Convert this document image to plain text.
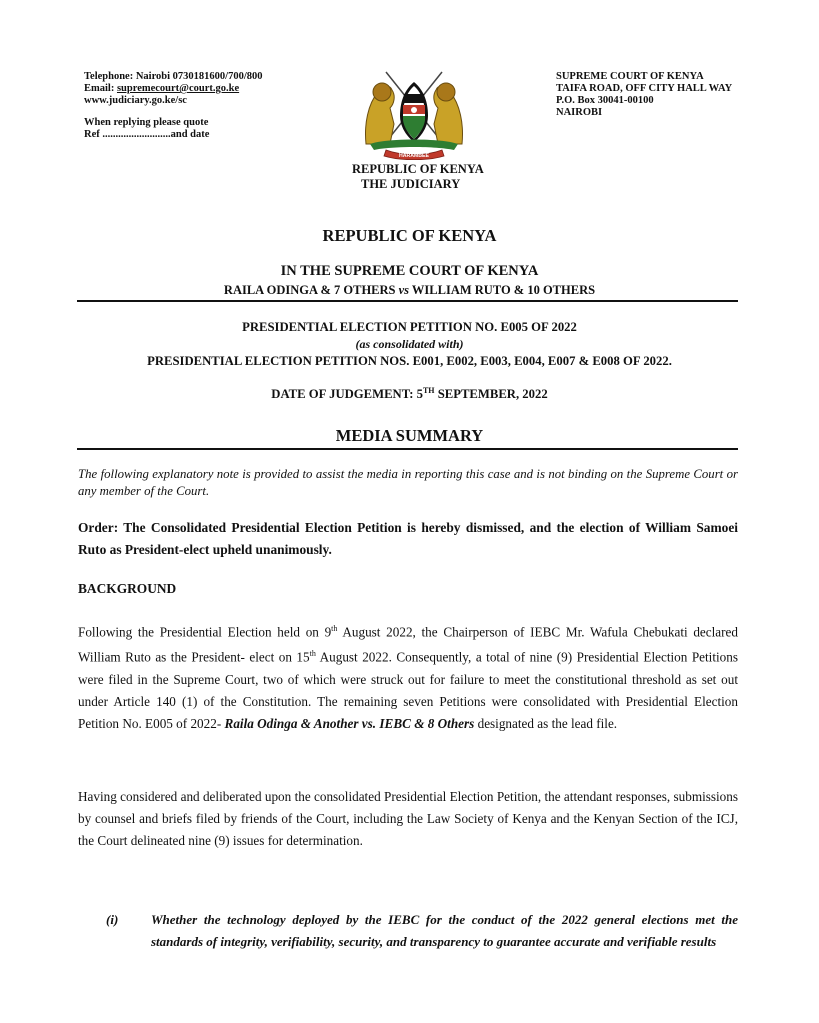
Telephone: Nairobi 0730181600/700/800
Email: supremecourt@court.go.ke
www.judiciary.go.ke/sc
When replying please quote
Ref ..........................and date
HARAMBEE
SUPREME COURT OF KENYA
TAIFA ROAD, OFF CITY HALL WAY
P.O. Box 30041-00100
NAIROBI
REPUBLIC OF KENYA
THE JUDICIARY
REPUBLIC OF KENYA
IN THE SUPREME COURT OF KENYA
RAILA ODINGA & 7 OTHERS vs WILLIAM RUTO & 10 OTHERS
PRESIDENTIAL ELECTION PETITION NO. E005 OF 2022
(as consolidated with)
PRESIDENTIAL ELECTION PETITION NOS. E001, E002, E003, E004, E007 & E008 OF 2022.
DATE OF JUDGEMENT: 5TH SEPTEMBER, 2022
MEDIA SUMMARY
The following explanatory note is provided to assist the media in reporting this case and is not binding on the Supreme Court or any member of the Court.
Order: The Consolidated Presidential Election Petition is hereby dismissed, and the election of William Samoei Ruto as President-elect upheld unanimously.
BACKGROUND
Following the Presidential Election held on 9th August 2022, the Chairperson of IEBC Mr. Wafula Chebukati declared William Ruto as the President- elect on 15th August 2022. Consequently, a total of nine (9) Presidential Election Petitions were filed in the Supreme Court, two of which were struck out for failure to meet the constitutional threshold as set out under Article 140 (1) of the Constitution. The remaining seven Petitions were consolidated with Presidential Election Petition No. E005 of 2022- Raila Odinga & Another vs. IEBC & 8 Others designated as the lead file.
Having considered and deliberated upon the consolidated Presidential Election Petition, the attendant responses, submissions by counsel and briefs filed by friends of the Court, including the Law Society of Kenya and the Kenyan Section of the ICJ, the Court delineated nine (9) issues for determination.
(i)	Whether the technology deployed by the IEBC for the conduct of the 2022 general elections met the standards of integrity, verifiability, security, and transparency to guarantee accurate and verifiable results
